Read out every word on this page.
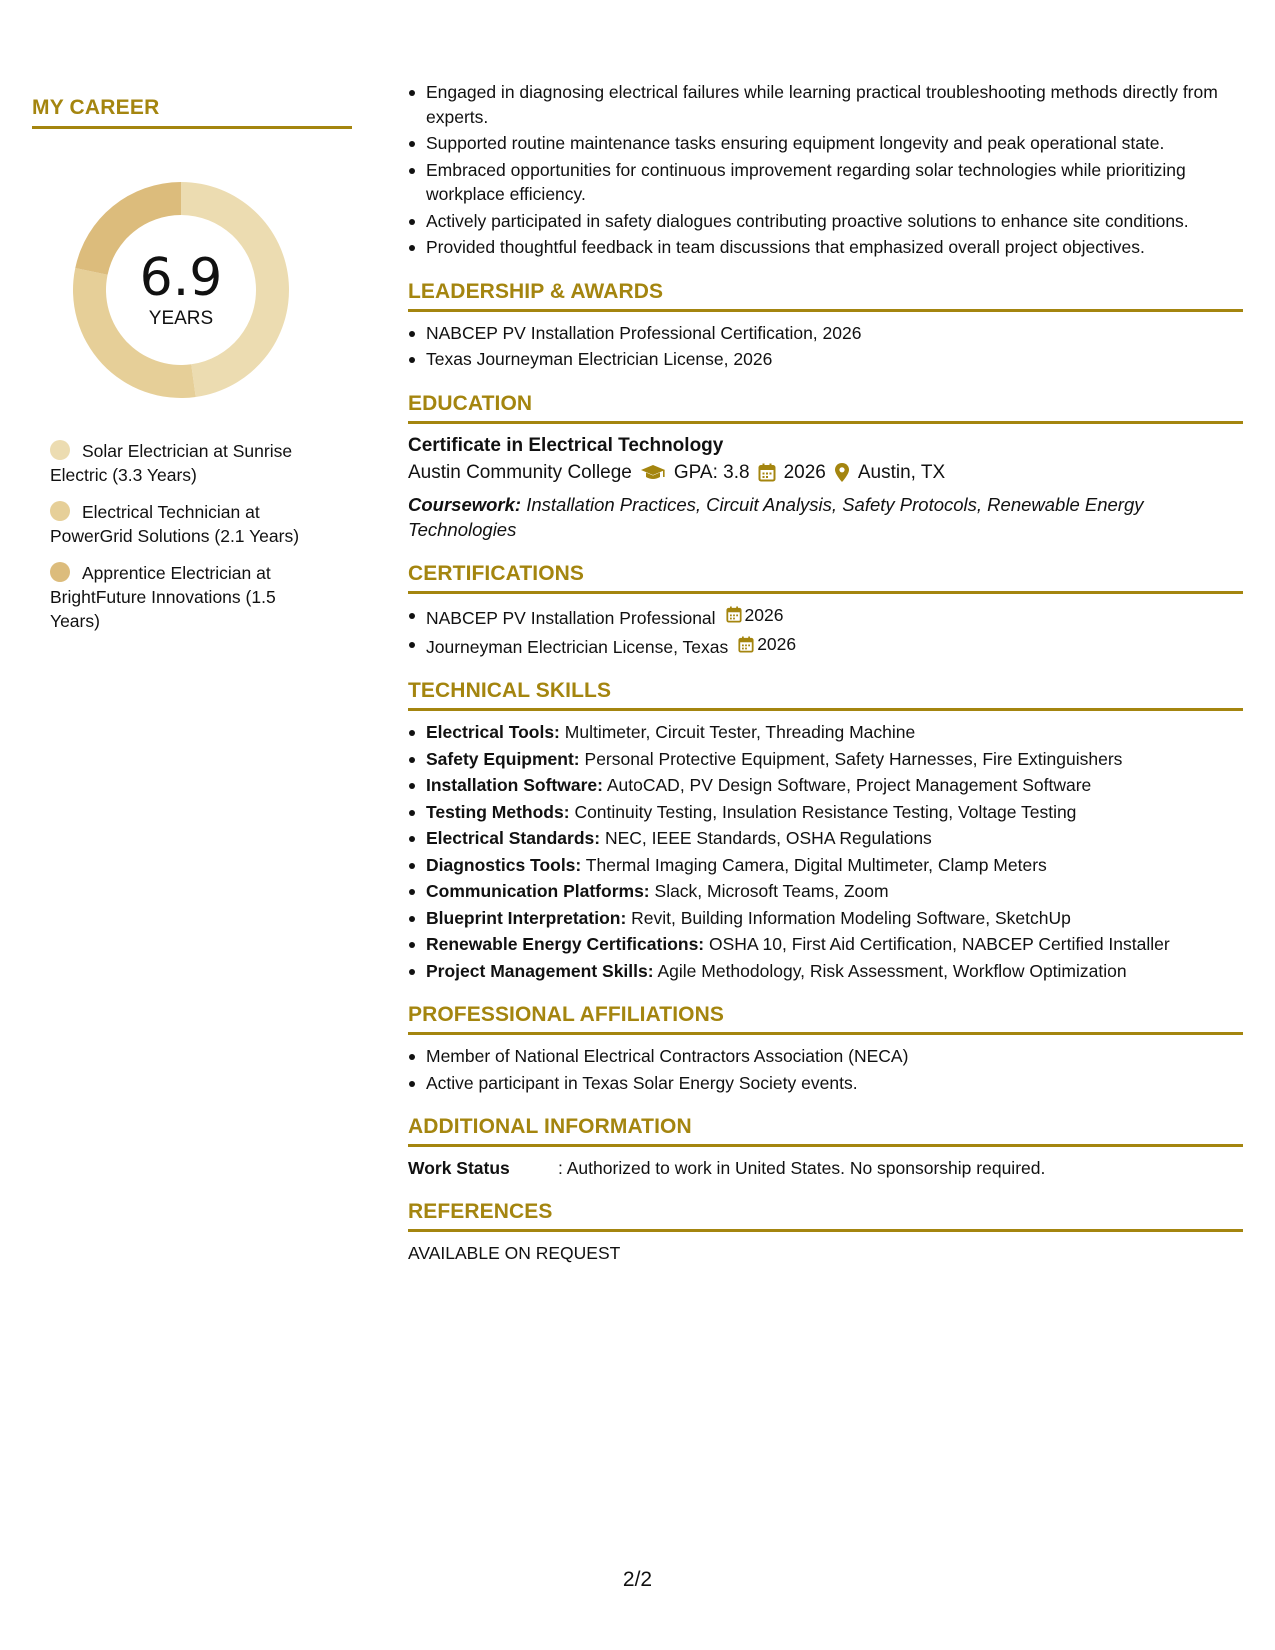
MY CAREER
6.9
YEARS
Solar Electrician at Sunrise Electric (3.3 Years)
Electrical Technician at PowerGrid Solutions (2.1 Years)
Apprentice Electrician at BrightFuture Innovations (1.5 Years)
Engaged in diagnosing electrical failures while learning practical troubleshooting methods directly from experts.
Supported routine maintenance tasks ensuring equipment longevity and peak operational state.
Embraced opportunities for continuous improvement regarding solar technologies while prioritizing workplace efficiency.
Actively participated in safety dialogues contributing proactive solutions to enhance site conditions.
Provided thoughtful feedback in team discussions that emphasized overall project objectives.
LEADERSHIP & AWARDS
NABCEP PV Installation Professional Certification, 2026
Texas Journeyman Electrician License, 2026
EDUCATION
Certificate in Electrical Technology
Austin Community College GPA: 3.8 2026 Austin, TX
Coursework: Installation Practices, Circuit Analysis, Safety Protocols, Renewable Energy Technologies
CERTIFICATIONS
NABCEP PV Installation Professional 2026
Journeyman Electrician License, Texas 2026
TECHNICAL SKILLS
Electrical Tools: Multimeter, Circuit Tester, Threading Machine
Safety Equipment: Personal Protective Equipment, Safety Harnesses, Fire Extinguishers
Installation Software: AutoCAD, PV Design Software, Project Management Software
Testing Methods: Continuity Testing, Insulation Resistance Testing, Voltage Testing
Electrical Standards: NEC, IEEE Standards, OSHA Regulations
Diagnostics Tools: Thermal Imaging Camera, Digital Multimeter, Clamp Meters
Communication Platforms: Slack, Microsoft Teams, Zoom
Blueprint Interpretation: Revit, Building Information Modeling Software, SketchUp
Renewable Energy Certifications: OSHA 10, First Aid Certification, NABCEP Certified Installer
Project Management Skills: Agile Methodology, Risk Assessment, Workflow Optimization
PROFESSIONAL AFFILIATIONS
Member of National Electrical Contractors Association (NECA)
Active participant in Texas Solar Energy Society events.
ADDITIONAL INFORMATION
Work Status	: Authorized to work in United States. No sponsorship required.
REFERENCES
AVAILABLE ON REQUEST
2/2
